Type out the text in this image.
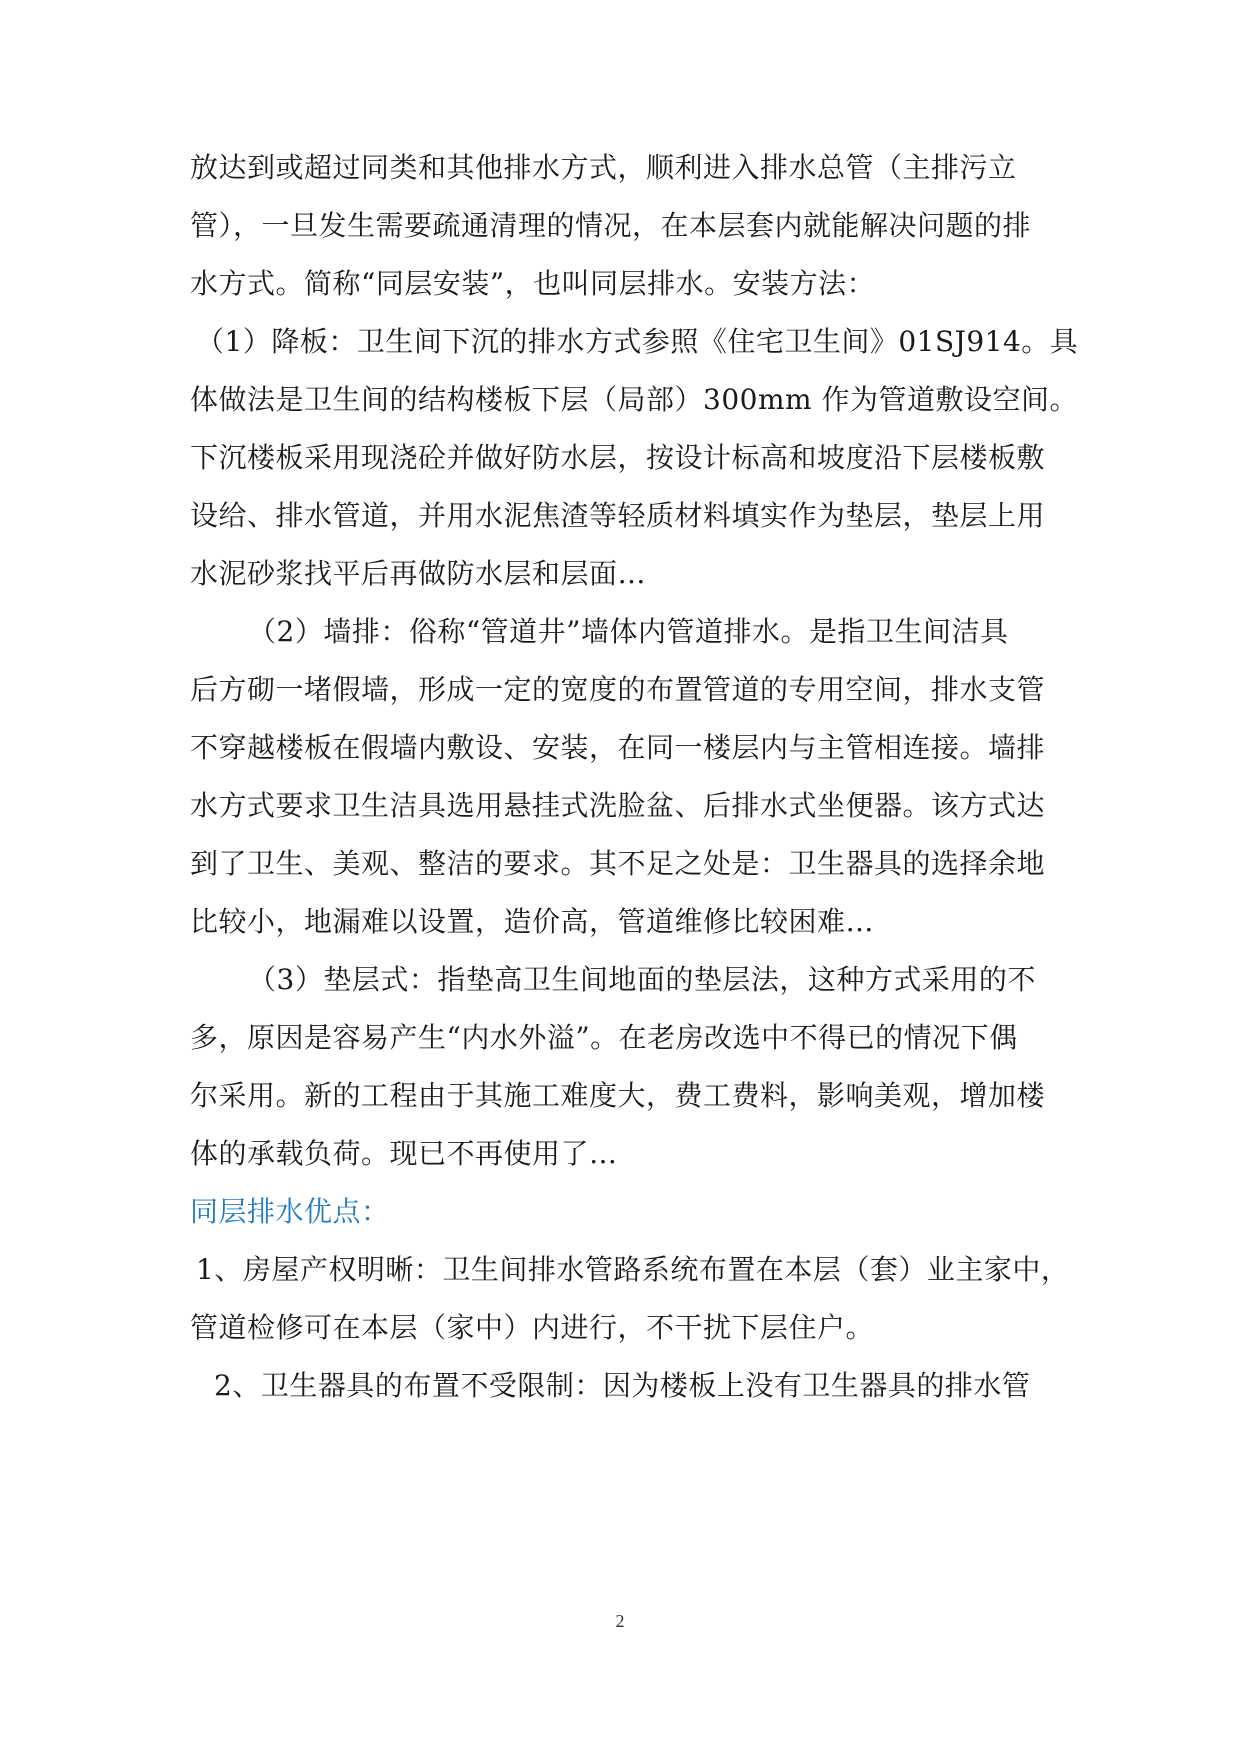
放达到或超过同类和其他排水方式，顺利进入排水总管（主排污立
管），一旦发生需要疏通清理的情况，在本层套内就能解决问题的排
水方式。简称“同层安装”，也叫同层排水。安装方法：
（1）降板：卫生间下沉的排水方式参照《住宅卫生间》01SJ914。具
体做法是卫生间的结构楼板下层（局部）300mm 作为管道敷设空间。
下沉楼板采用现浇砼并做好防水层，按设计标高和坡度沿下层楼板敷
设给、排水管道，并用水泥焦渣等轻质材料填实作为垫层，垫层上用
水泥砂浆找平后再做防水层和层面…
（2）墙排：俗称“管道井”墙体内管道排水。是指卫生间洁具
后方砌一堵假墙，形成一定的宽度的布置管道的专用空间，排水支管
不穿越楼板在假墙内敷设、安装，在同一楼层内与主管相连接。墙排
水方式要求卫生洁具选用悬挂式洗脸盆、后排水式坐便器。该方式达
到了卫生、美观、整洁的要求。其不足之处是：卫生器具的选择余地
比较小，地漏难以设置，造价高，管道维修比较困难…
（3）垫层式：指垫高卫生间地面的垫层法，这种方式采用的不
多，原因是容易产生“内水外溢”。在老房改选中不得已的情况下偶
尔采用。新的工程由于其施工难度大，费工费料，影响美观，增加楼
体的承载负荷。现已不再使用了…
同层排水优点：
1、房屋产权明晰：卫生间排水管路系统布置在本层（套）业主家中，
管道检修可在本层（家中）内进行，不干扰下层住户。
2、卫生器具的布置不受限制：因为楼板上没有卫生器具的排水管
2
